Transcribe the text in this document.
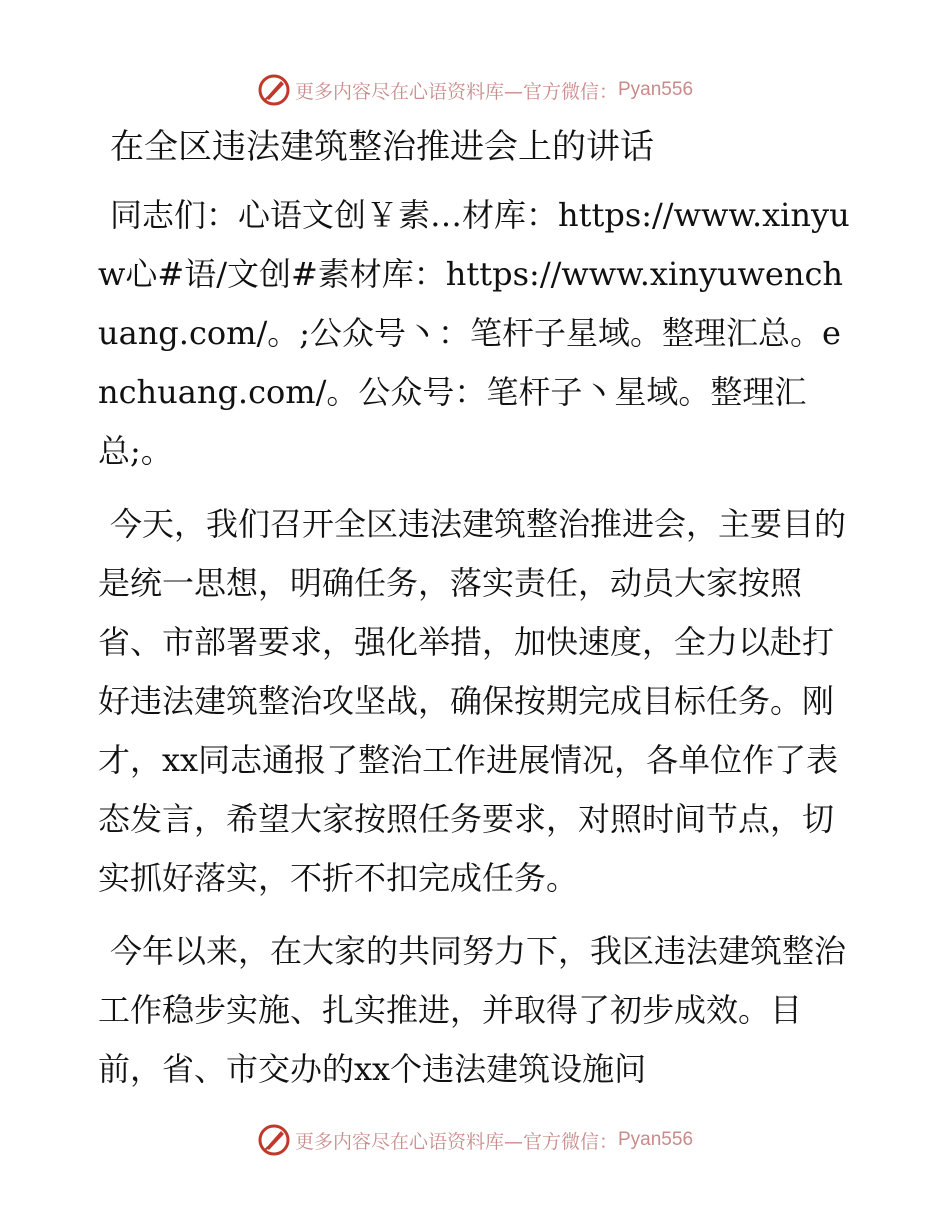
更多内容尽在心语资料库—官方微信： Pyan556
在全区违法建筑整治推进会上的讲话

同志们：心语文创￥素…材库：https://www.xinyuw心#语/文创#素材库：https://www.xinyuwenchuang.com/。;公众号丶：笔杆子星域。整理汇总。enchuang.com/。公众号：笔杆子丶星域。整理汇总;。

今天，我们召开全区违法建筑整治推进会，主要目的是统一思想，明确任务，落实责任，动员大家按照省、市部署要求，强化举措，加快速度，全力以赴打好违法建筑整治攻坚战，确保按期完成目标任务。刚才，xx同志通报了整治工作进展情况，各单位作了表态发言，希望大家按照任务要求，对照时间节点，切实抓好落实，不折不扣完成任务。

今年以来，在大家的共同努力下，我区违法建筑整治工作稳步实施、扎实推进，并取得了初步成效。目前，省、市交办的xx个违法建筑设施问

更多内容尽在心语资料库—官方微信： Pyan556
